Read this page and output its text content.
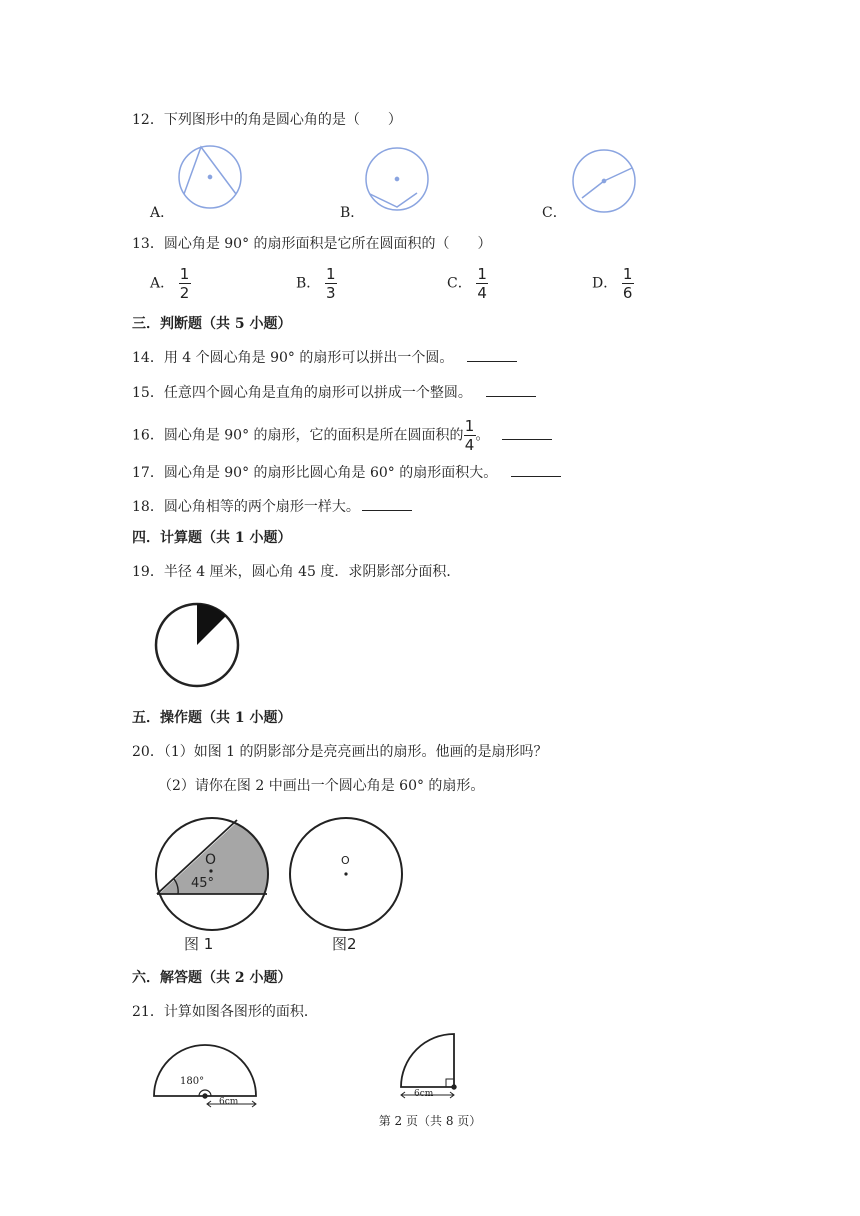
12．下列图形中的角是圆心角的是（　　）
A．	B．	C．
13．圆心角是 90° 的扇形面积是它所在圆面积的（　　）
A． $\frac{1}{2}$	B． $\frac{1}{3}$	C． $\frac{1}{4}$	D． $\frac{1}{6}$
三．判断题（共 5 小题）
14．用 4 个圆心角是 90° 的扇形可以拼出一个圆。
15．任意四个圆心角是直角的扇形可以拼成一个整圆。
16．圆心角是 90° 的扇形，它的面积是所在圆面积的 $\frac{1}{4}$ 。
17．圆心角是 90° 的扇形比圆心角是 60° 的扇形面积大。
18．圆心角相等的两个扇形一样大。
四．计算题（共 1 小题）
19．半径 4 厘米，圆心角 45 度．求阴影部分面积．
五．操作题（共 1 小题）
20．（1）如图 1 的阴影部分是亮亮画出的扇形。他画的是扇形吗？
（2）请你在图 2 中画出一个圆心角是 60° 的扇形。
O
45°
图 1
O
图2
六．解答题（共 2 小题）
21．计算如图各图形的面积．
180°
6cm
6cm
第 2 页（共 8 页）
